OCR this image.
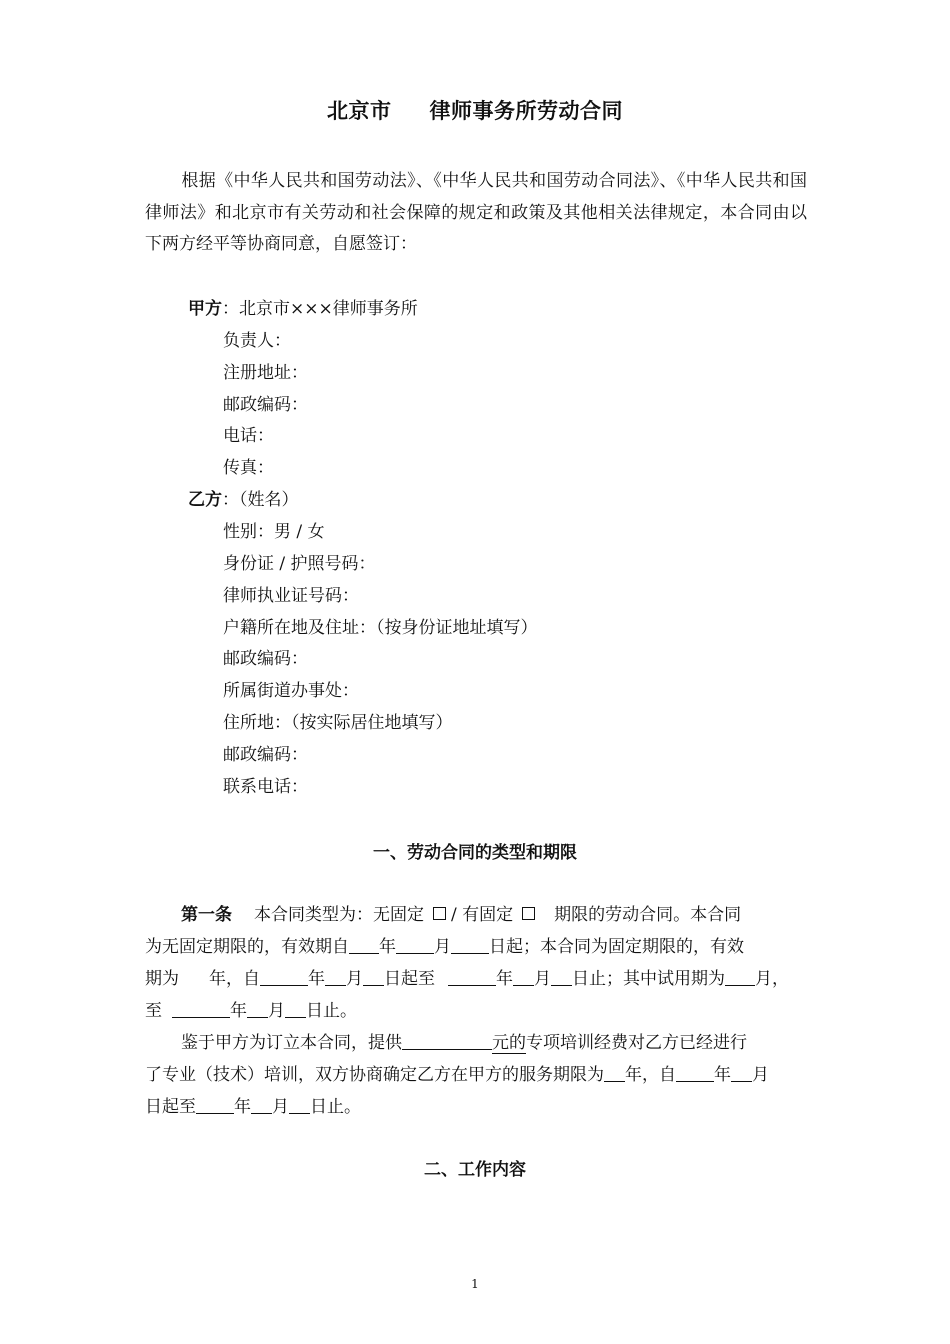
北京市 律师事务所劳动合同
根据《中华人民共和国劳动法》、《中华人民共和国劳动合同法》、《中华人民共和国律师法》和北京市有关劳动和社会保障的规定和政策及其他相关法律规定，本合同由以下两方经平等协商同意，自愿签订：
甲方：北京市×××律师事务所
负责人：
注册地址：
邮政编码：
电话：
传真：
乙方：（姓名）
性别：男 / 女
身份证 / 护照号码：
律师执业证号码：
户籍所在地及住址：（按身份证地址填写）
邮政编码：
所属街道办事处：
住所地：（按实际居住地填写）
邮政编码：
联系电话：
一、劳动合同的类型和期限
第一条 本合同类型为：无固定 / 有固定 期限的劳动合同。本合同
为无固定期限的，有效期自 年 月 日起；本合同为固定期限的，有效
期为 年，自	年 月 日起至	年 月 日止；其中试用期为 月，
至	年 月 日止。
鉴于甲方为订立本合同，提供	元的专项培训经费对乙方已经进行
了专业（技术）培训，双方协商确定乙方在甲方的服务期限为 年，自 年 月
日起至 年 月 日止。
二、工作内容
1
